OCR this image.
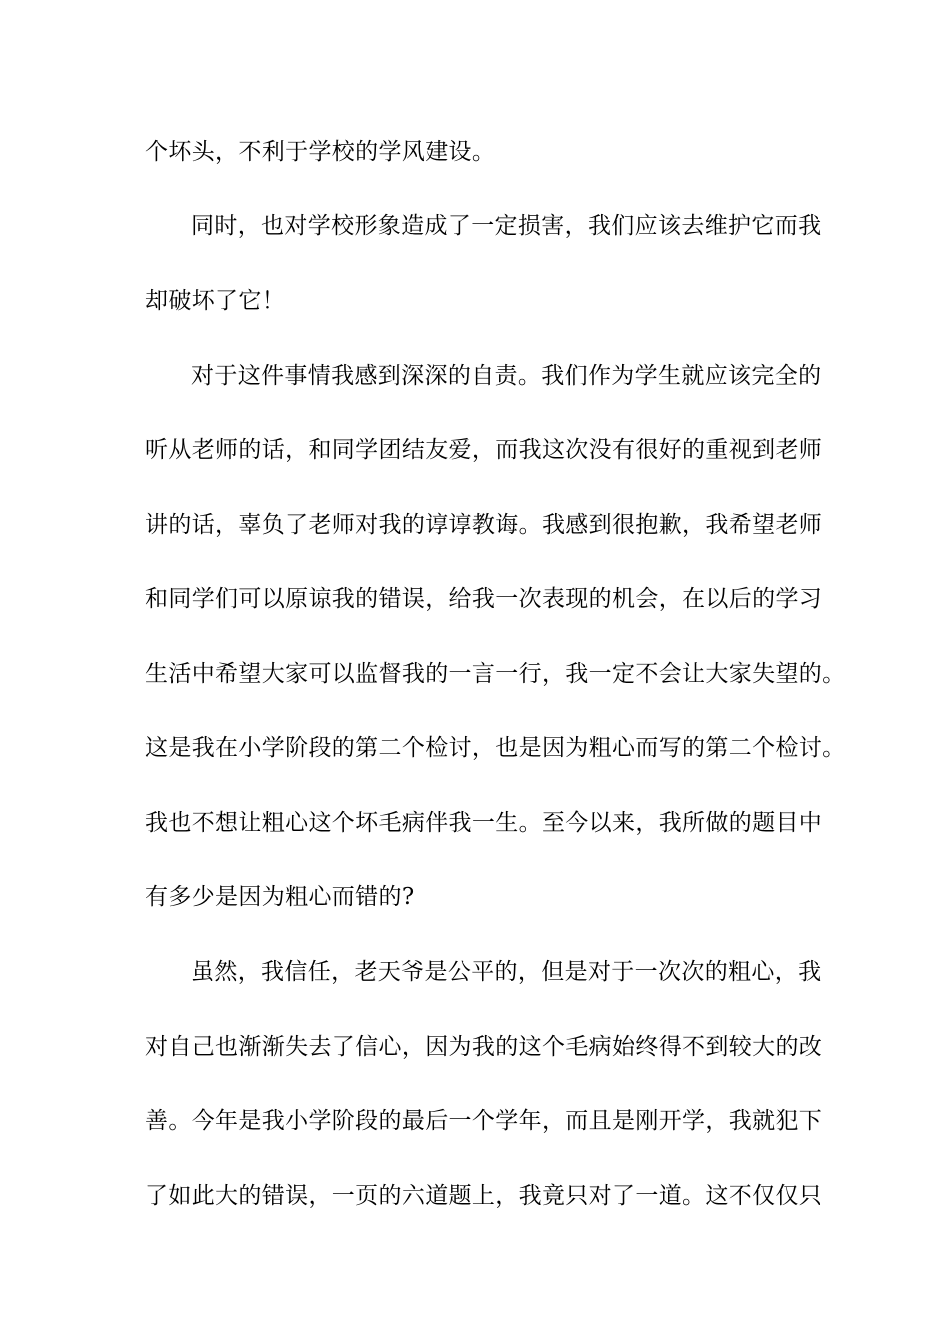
个坏头，不利于学校的学风建设。
同时，也对学校形象造成了一定损害，我们应该去维护它而我
却破坏了它！
对于这件事情我感到深深的自责。我们作为学生就应该完全的
听从老师的话，和同学团结友爱，而我这次没有很好的重视到老师
讲的话，辜负了老师对我的谆谆教诲。我感到很抱歉，我希望老师
和同学们可以原谅我的错误，给我一次表现的机会，在以后的学习
生活中希望大家可以监督我的一言一行，我一定不会让大家失望的。
这是我在小学阶段的第二个检讨，也是因为粗心而写的第二个检讨。
我也不想让粗心这个坏毛病伴我一生。至今以来，我所做的题目中
有多少是因为粗心而错的?
虽然，我信任，老天爷是公平的，但是对于一次次的粗心，我
对自己也渐渐失去了信心，因为我的这个毛病始终得不到较大的改
善。今年是我小学阶段的最后一个学年，而且是刚开学，我就犯下
了如此大的错误，一页的六道题上，我竟只对了一道。这不仅仅只
